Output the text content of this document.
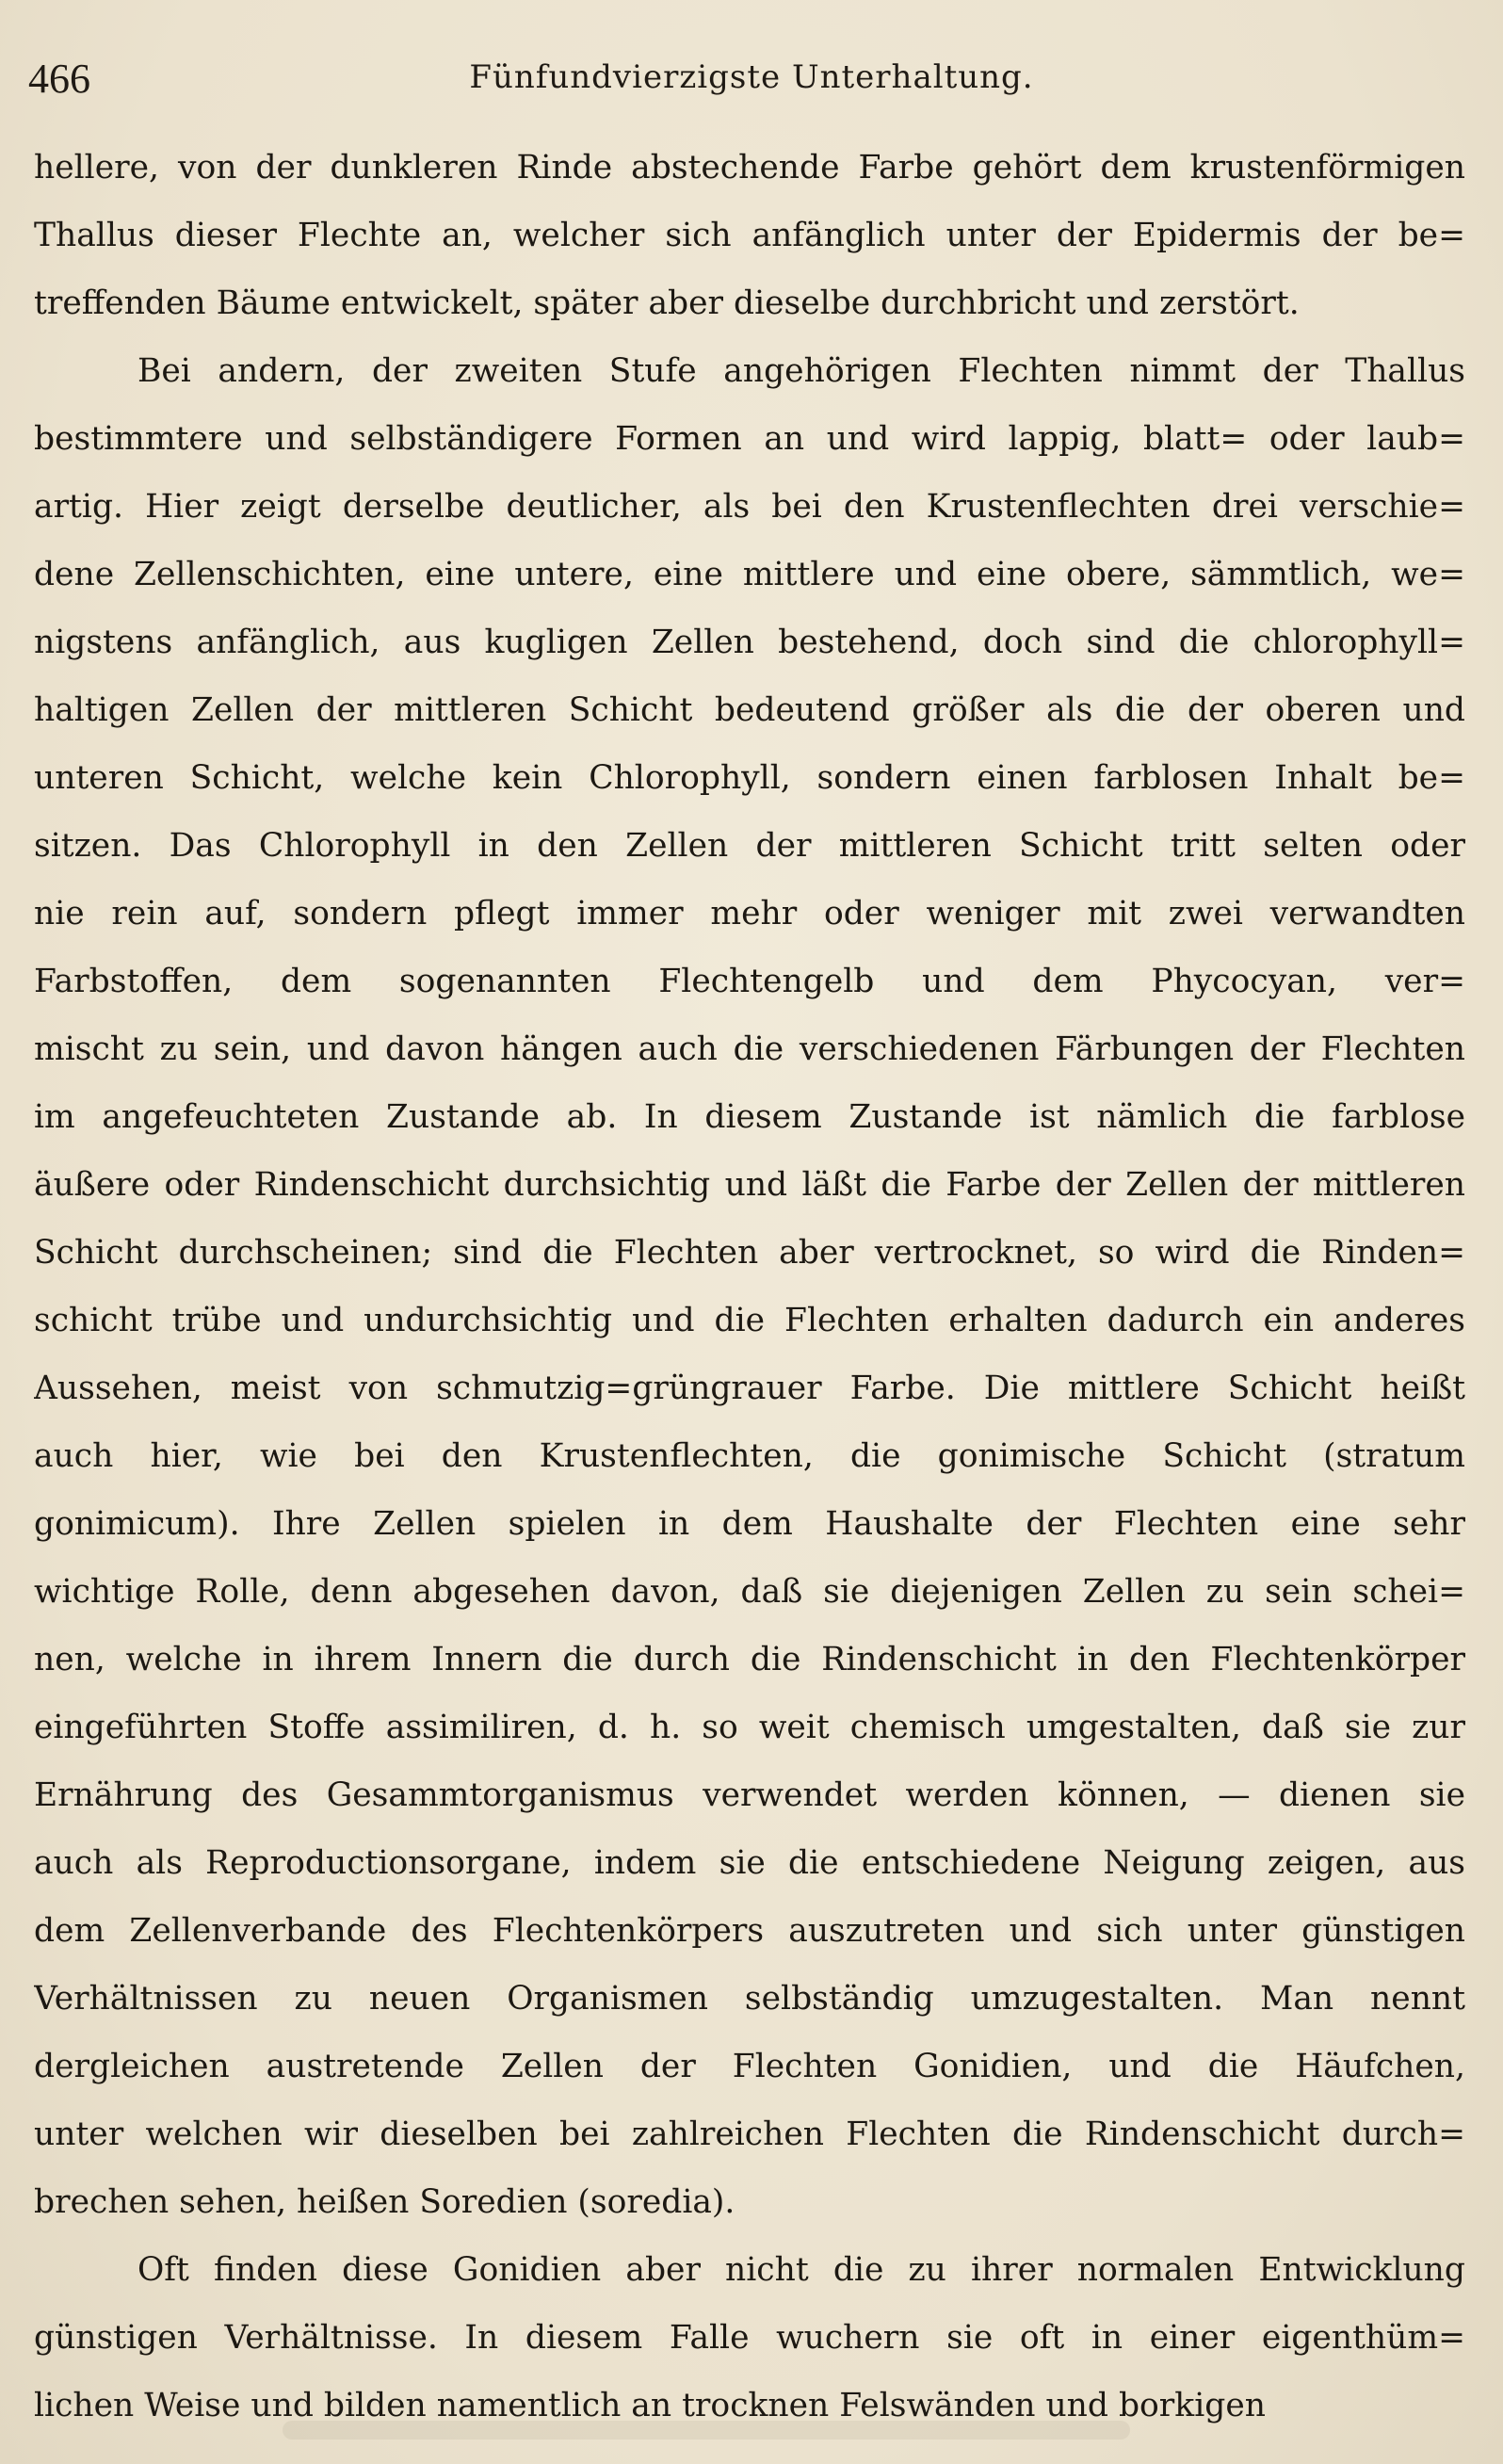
466	Fünfundvierzigste Unterhaltung.

hellere, von der dunkleren Rinde abstechende Farbe gehört dem krustenförmigen
Thallus dieser Flechte an, welcher sich anfänglich unter der Epidermis der be=
treffenden Bäume entwickelt, später aber dieselbe durchbricht und zerstört.

Bei andern, der zweiten Stufe angehörigen Flechten nimmt der Thallus
bestimmtere und selbständigere Formen an und wird lappig, blatt= oder laub=
artig. Hier zeigt derselbe deutlicher, als bei den Krustenflechten drei verschie=
dene Zellenschichten, eine untere, eine mittlere und eine obere, sämmtlich, we=
nigstens anfänglich, aus kugligen Zellen bestehend, doch sind die chlorophyll=
haltigen Zellen der mittleren Schicht bedeutend größer als die der oberen und
unteren Schicht, welche kein Chlorophyll, sondern einen farblosen Inhalt be=
sitzen. Das Chlorophyll in den Zellen der mittleren Schicht tritt selten oder
nie rein auf, sondern pflegt immer mehr oder weniger mit zwei verwandten
Farbstoffen, dem sogenannten Flechtengelb und dem Phycocyan, ver=
mischt zu sein, und davon hängen auch die verschiedenen Färbungen der Flechten
im angefeuchteten Zustande ab. In diesem Zustande ist nämlich die farblose
äußere oder Rindenschicht durchsichtig und läßt die Farbe der Zellen der mittleren
Schicht durchscheinen; sind die Flechten aber vertrocknet, so wird die Rinden=
schicht trübe und undurchsichtig und die Flechten erhalten dadurch ein anderes
Aussehen, meist von schmutzig=grüngrauer Farbe. Die mittlere Schicht heißt
auch hier, wie bei den Krustenflechten, die gonimische Schicht (stratum
gonimicum). Ihre Zellen spielen in dem Haushalte der Flechten eine sehr
wichtige Rolle, denn abgesehen davon, daß sie diejenigen Zellen zu sein schei=
nen, welche in ihrem Innern die durch die Rindenschicht in den Flechtenkörper
eingeführten Stoffe assimiliren, d. h. so weit chemisch umgestalten, daß sie zur
Ernährung des Gesammtorganismus verwendet werden können, — dienen sie
auch als Reproductionsorgane, indem sie die entschiedene Neigung zeigen, aus
dem Zellenverbande des Flechtenkörpers auszutreten und sich unter günstigen
Verhältnissen zu neuen Organismen selbständig umzugestalten. Man nennt
dergleichen austretende Zellen der Flechten Gonidien, und die Häufchen,
unter welchen wir dieselben bei zahlreichen Flechten die Rindenschicht durch=
brechen sehen, heißen Soredien (soredia).

Oft finden diese Gonidien aber nicht die zu ihrer normalen Entwicklung
günstigen Verhältnisse. In diesem Falle wuchern sie oft in einer eigenthüm=
lichen Weise und bilden namentlich an trocknen Felswänden und borkigen
